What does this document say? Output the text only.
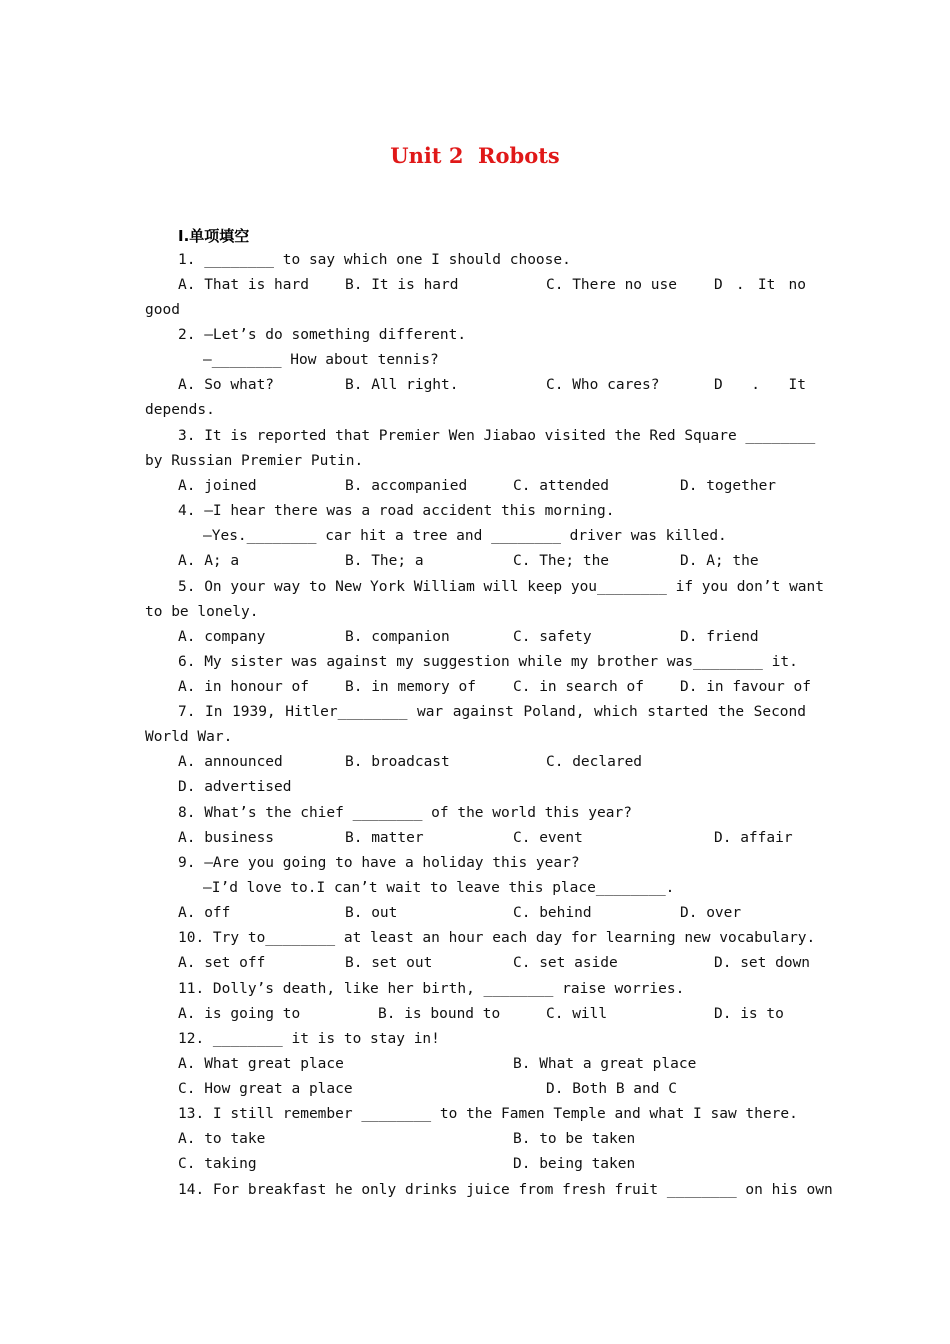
Unit 2  Robots
Ⅰ.单项填空
1. ________ to say which one I should choose.
A. That is hard B. It is hard	C. There no use	D . It no
good
2. —Let’s do something different.
—________ How about tennis?
A. So what?	B. All right.	C. Who cares?	D . It
depends.
3. It is reported that Premier Wen Jiabao visited the Red Square ________
by Russian Premier Putin.
A. joined	B. accompanied	C. attended	D. together
4. —I hear there was a road accident this morning.
—Yes.________ car hit a tree and ________ driver was killed.
A. A; a	B. The; a	C. The; the	D. A; the
5. On your way to New York William will keep you________ if you don’t want
to be lonely.
A. company	B. companion	C. safety	D. friend
6. My sister was against my suggestion while my brother was________ it.
A. in honour of B. in memory of	C. in search of D. in favour of
7. In 1939, Hitler________ war against Poland, which started the Second
World War.
A. announced	B. broadcast	C. declared
D. advertised
8. What’s the chief ________ of the world this year?
A. business	B. matter	C. event	D. affair
9. —Are you going to have a holiday this year?
—I’d love to.I can’t wait to leave this place________.
A. off	B. out	C. behind	D. over
10. Try to________ at least an hour each day for learning new vocabulary.
A. set off	B. set out	C. set aside	D. set down
11. Dolly’s death, like her birth, ________ raise worries.
A. is going to	B. is bound to	C. will	D. is to
12. ________ it is to stay in!
A. What great place	B. What a great place
C. How great a place	D. Both B and C
13. I still remember ________ to the Famen Temple and what I saw there.
A. to take	B. to be taken
C. taking	D. being taken
14. For breakfast he only drinks juice from fresh fruit ________ on his own
